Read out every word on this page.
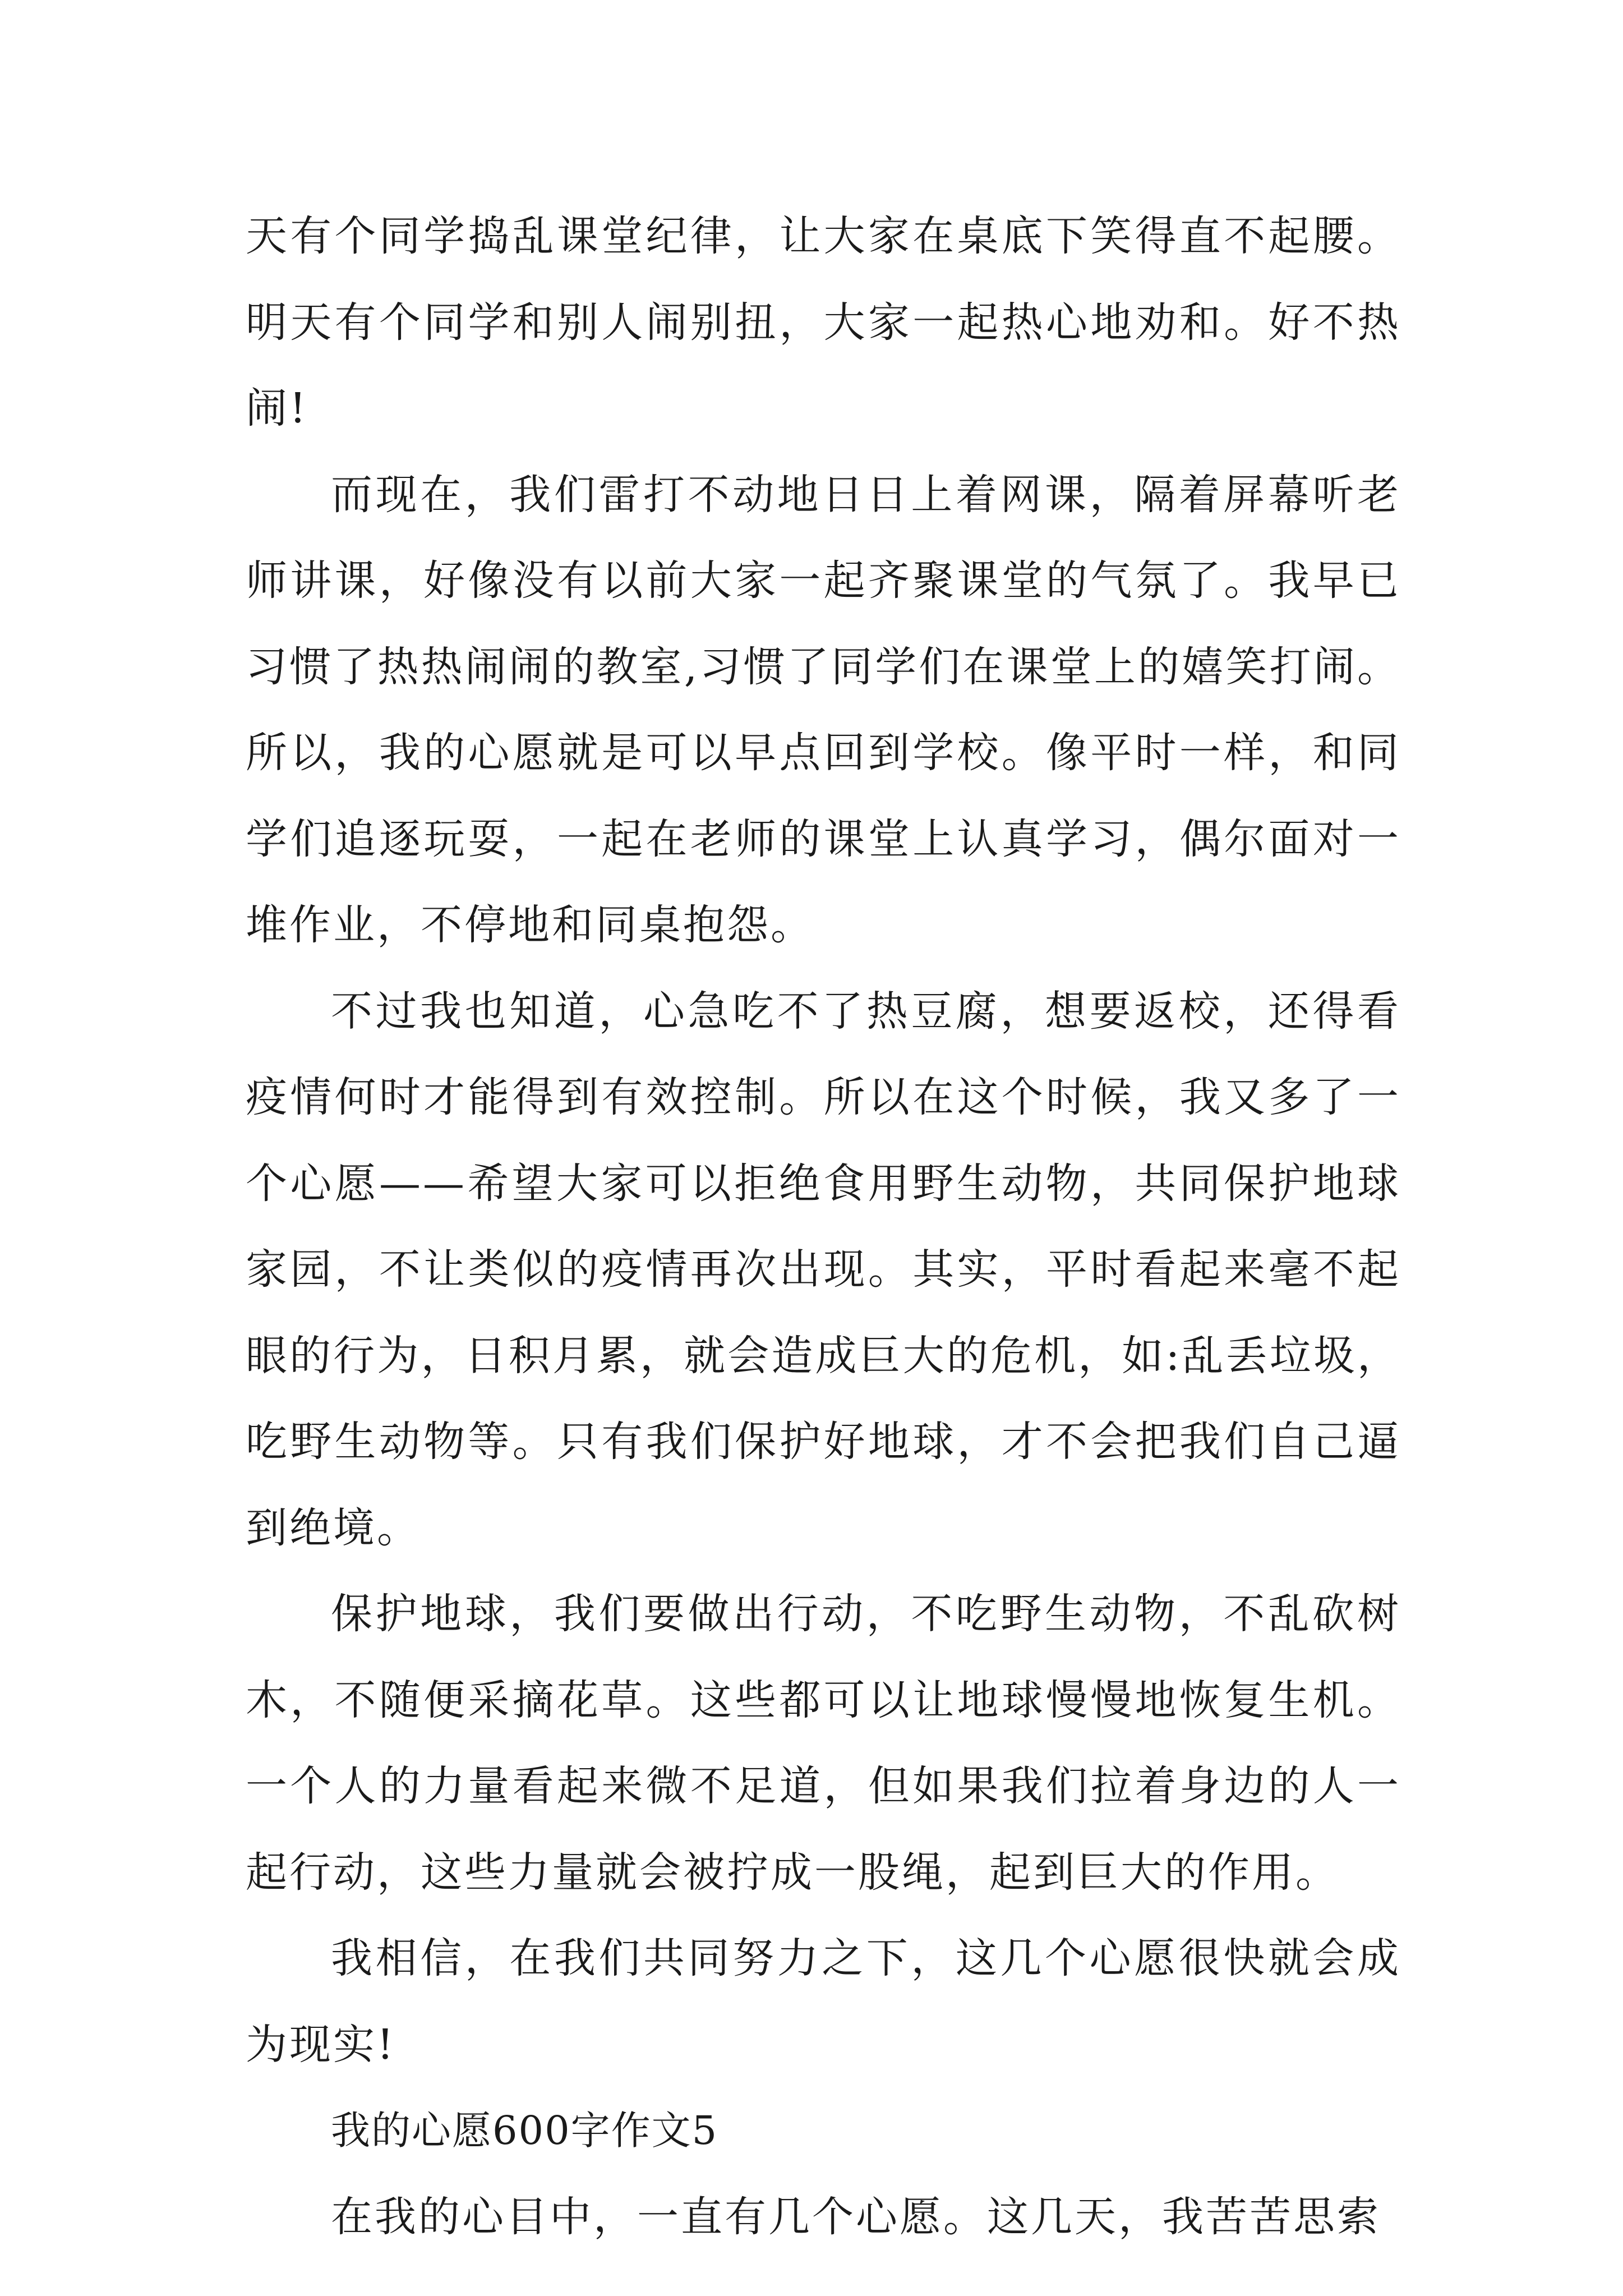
天有个同学捣乱课堂纪律，让大家在桌底下笑得直不起腰。明天有个同学和别人闹别扭，大家一起热心地劝和。好不热闹!

而现在，我们雷打不动地日日上着网课，隔着屏幕听老师讲课，好像没有以前大家一起齐聚课堂的气氛了。我早已习惯了热热闹闹的教室,习惯了同学们在课堂上的嬉笑打闹。所以，我的心愿就是可以早点回到学校。像平时一样，和同学们追逐玩耍，一起在老师的课堂上认真学习，偶尔面对一堆作业，不停地和同桌抱怨。

不过我也知道，心急吃不了热豆腐，想要返校，还得看疫情何时才能得到有效控制。所以在这个时候，我又多了一个心愿——希望大家可以拒绝食用野生动物，共同保护地球家园，不让类似的疫情再次出现。其实，平时看起来毫不起眼的行为，日积月累，就会造成巨大的危机，如:乱丢垃圾，吃野生动物等。只有我们保护好地球，才不会把我们自己逼到绝境。

保护地球，我们要做出行动，不吃野生动物，不乱砍树木，不随便采摘花草。这些都可以让地球慢慢地恢复生机。一个人的力量看起来微不足道，但如果我们拉着身边的人一起行动，这些力量就会被拧成一股绳，起到巨大的作用。

我相信，在我们共同努力之下，这几个心愿很快就会成为现实!

我的心愿600字作文5

在我的心目中，一直有几个心愿。这几天，我苦苦思索
